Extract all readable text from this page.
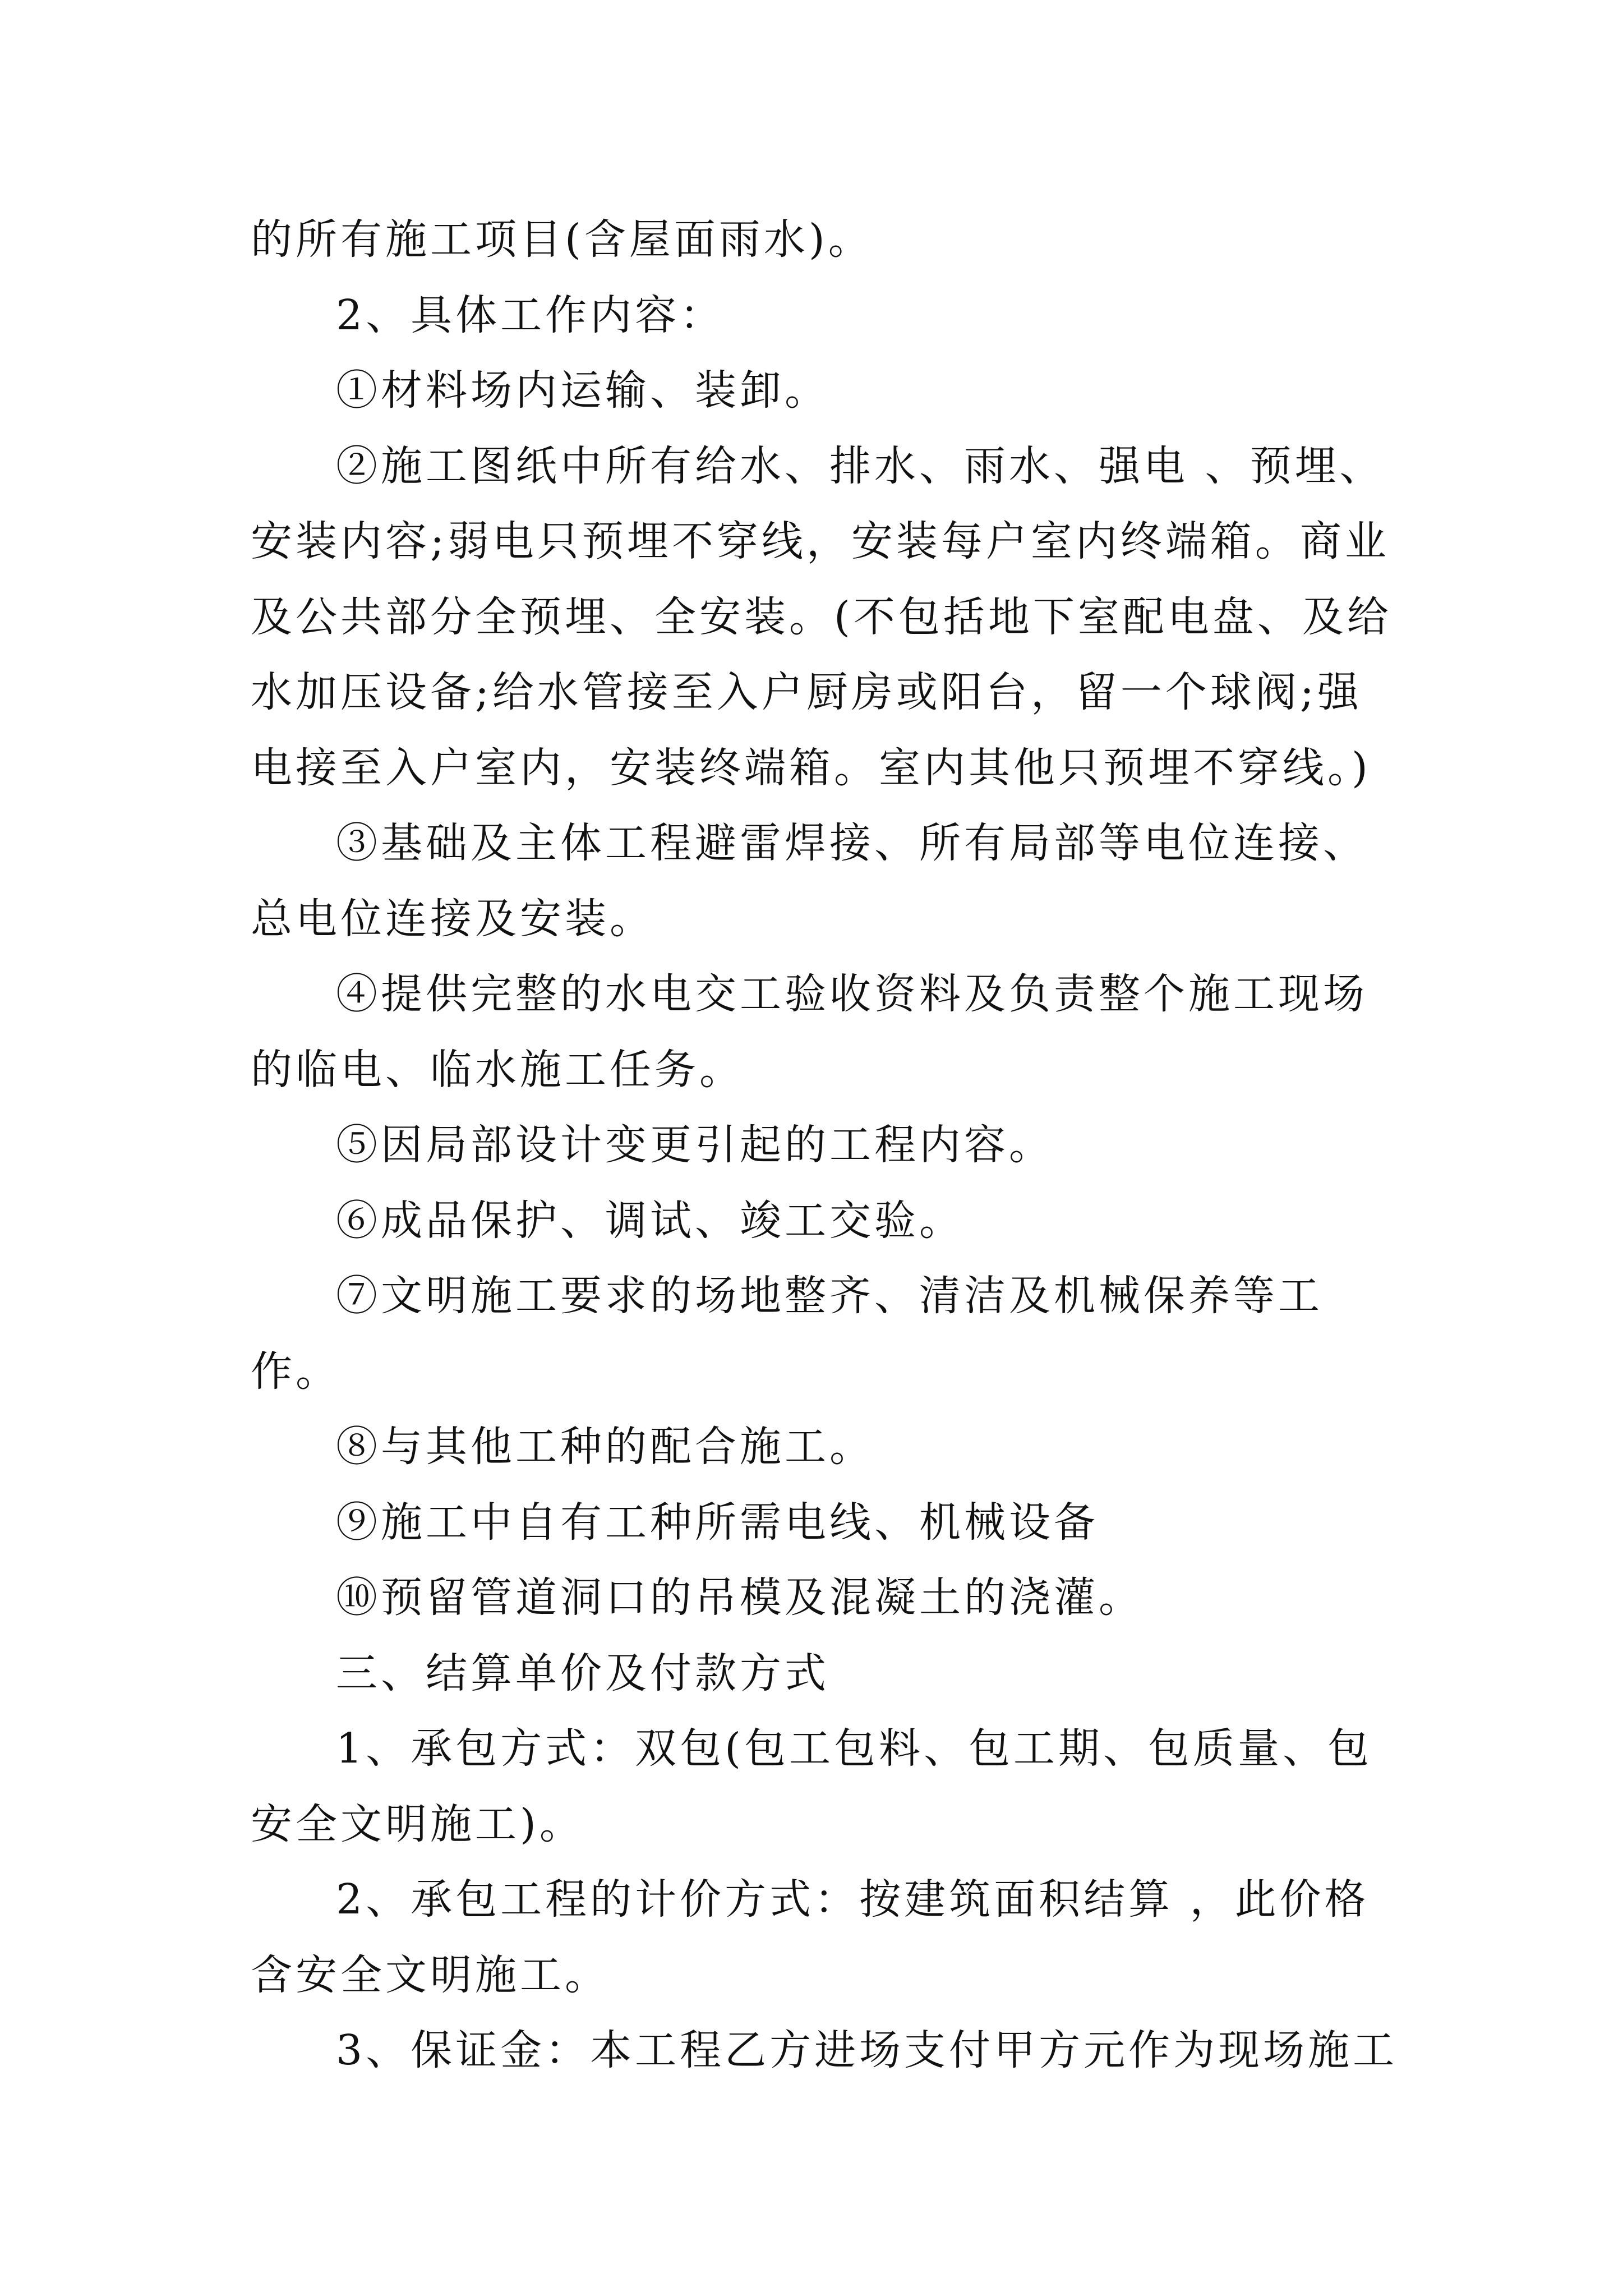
的所有施工项目(含屋面雨水)。

2、具体工作内容：

①材料场内运输、装卸。

②施工图纸中所有给水、排水、雨水、强电 、预埋、安装内容;弱电只预埋不穿线，安装每户室内终端箱。商业及公共部分全预埋、全安装。(不包括地下室配电盘、及给水加压设备;给水管接至入户厨房或阳台，留一个球阀;强电接至入户室内，安装终端箱。室内其他只预埋不穿线。)

③基础及主体工程避雷焊接、所有局部等电位连接、总电位连接及安装。

④提供完整的水电交工验收资料及负责整个施工现场的临电、临水施工任务。

⑤因局部设计变更引起的工程内容。

⑥成品保护、调试、竣工交验。

⑦文明施工要求的场地整齐、清洁及机械保养等工作。

⑧与其他工种的配合施工。

⑨施工中自有工种所需电线、机械设备

⑩预留管道洞口的吊模及混凝土的浇灌。

三、结算单价及付款方式

1、承包方式：双包(包工包料、包工期、包质量、包安全文明施工)。

2、承包工程的计价方式：按建筑面积结算 ，此价格含安全文明施工。

3、保证金：本工程乙方进场支付甲方元作为现场施工
